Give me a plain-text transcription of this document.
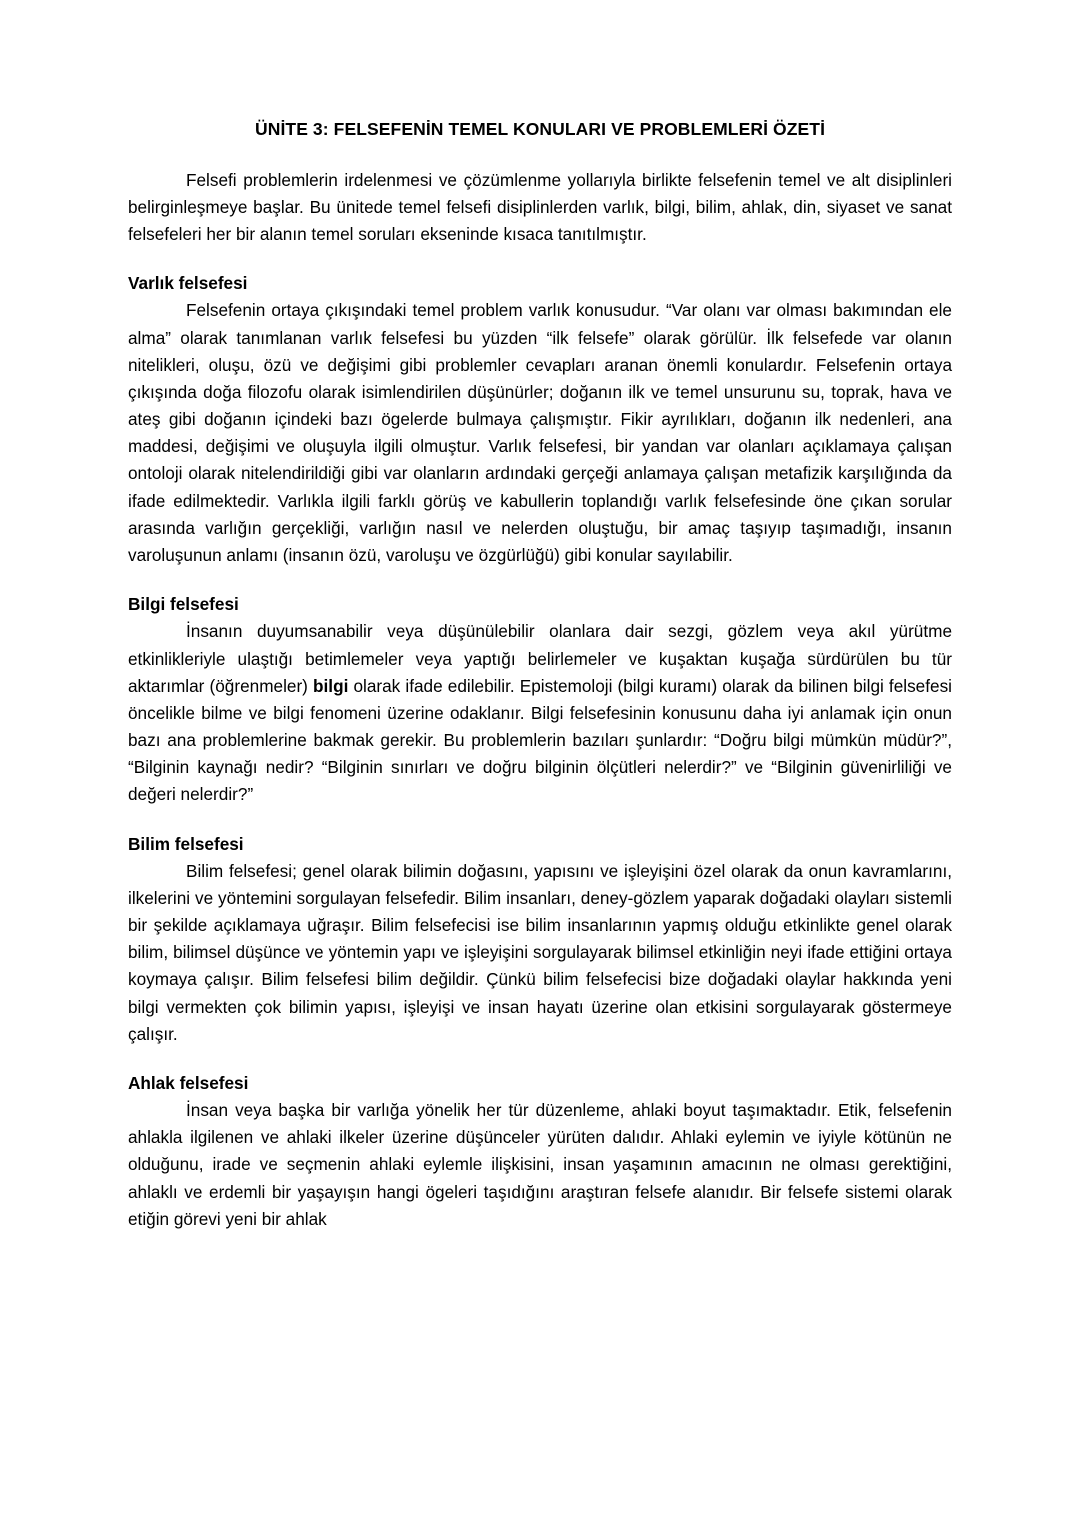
ÜNİTE 3: FELSEFENİN TEMEL KONULARI VE PROBLEMLERİ ÖZETİ

Felsefi problemlerin irdelenmesi ve çözümlenme yollarıyla birlikte felsefenin temel ve alt disiplinleri belirginleşmeye başlar. Bu ünitede temel felsefi disiplinlerden varlık, bilgi, bilim, ahlak, din, siyaset ve sanat felsefeleri her bir alanın temel soruları ekseninde kısaca tanıtılmıştır.

Varlık felsefesi

Felsefenin ortaya çıkışındaki temel problem varlık konusudur. “Var olanı var olması bakımından ele alma” olarak tanımlanan varlık felsefesi bu yüzden “ilk felsefe” olarak görülür. İlk felsefede var olanın nitelikleri, oluşu, özü ve değişimi gibi problemler cevapları aranan önemli konulardır. Felsefenin ortaya çıkışında doğa filozofu olarak isimlendirilen düşünürler; doğanın ilk ve temel unsurunu su, toprak, hava ve ateş gibi doğanın içindeki bazı ögelerde bulmaya çalışmıştır. Fikir ayrılıkları, doğanın ilk nedenleri, ana maddesi, değişimi ve oluşuyla ilgili olmuştur. Varlık felsefesi, bir yandan var olanları açıklamaya çalışan ontoloji olarak nitelendirildiği gibi var olanların ardındaki gerçeği anlamaya çalışan metafizik karşılığında da ifade edilmektedir. Varlıkla ilgili farklı görüş ve kabullerin toplandığı varlık felsefesinde öne çıkan sorular arasında varlığın gerçekliği, varlığın nasıl ve nelerden oluştuğu, bir amaç taşıyıp taşımadığı, insanın varoluşunun anlamı (insanın özü, varoluşu ve özgürlüğü) gibi konular sayılabilir.

Bilgi felsefesi

İnsanın duyumsanabilir veya düşünülebilir olanlara dair sezgi, gözlem veya akıl yürütme etkinlikleriyle ulaştığı betimlemeler veya yaptığı belirlemeler ve kuşaktan kuşağa sürdürülen bu tür aktarımlar (öğrenmeler) bilgi olarak ifade edilebilir. Epistemoloji (bilgi kuramı) olarak da bilinen bilgi felsefesi öncelikle bilme ve bilgi fenomeni üzerine odaklanır. Bilgi felsefesinin konusunu daha iyi anlamak için onun bazı ana problemlerine bakmak gerekir. Bu problemlerin bazıları şunlardır: “Doğru bilgi mümkün müdür?”, “Bilginin kaynağı nedir? “Bilginin sınırları ve doğru bilginin ölçütleri nelerdir?” ve “Bilginin güvenirliliği ve değeri nelerdir?”

Bilim felsefesi

Bilim felsefesi; genel olarak bilimin doğasını, yapısını ve işleyişini özel olarak da onun kavramlarını, ilkelerini ve yöntemini sorgulayan felsefedir. Bilim insanları, deney-gözlem yaparak doğadaki olayları sistemli bir şekilde açıklamaya uğraşır. Bilim felsefecisi ise bilim insanlarının yapmış olduğu etkinlikte genel olarak bilim, bilimsel düşünce ve yöntemin yapı ve işleyişini sorgulayarak bilimsel etkinliğin neyi ifade ettiğini ortaya koymaya çalışır. Bilim felsefesi bilim değildir. Çünkü bilim felsefecisi bize doğadaki olaylar hakkında yeni bilgi vermekten çok bilimin yapısı, işleyişi ve insan hayatı üzerine olan etkisini sorgulayarak göstermeye çalışır.

Ahlak felsefesi

İnsan veya başka bir varlığa yönelik her tür düzenleme, ahlaki boyut taşımaktadır. Etik, felsefenin ahlakla ilgilenen ve ahlaki ilkeler üzerine düşünceler yürüten dalıdır. Ahlaki eylemin ve iyiyle kötünün ne olduğunu, irade ve seçmenin ahlaki eylemle ilişkisini, insan yaşamının amacının ne olması gerektiğini, ahlaklı ve erdemli bir yaşayışın hangi ögeleri taşıdığını araştıran felsefe alanıdır. Bir felsefe sistemi olarak etiğin görevi yeni bir ahlak
